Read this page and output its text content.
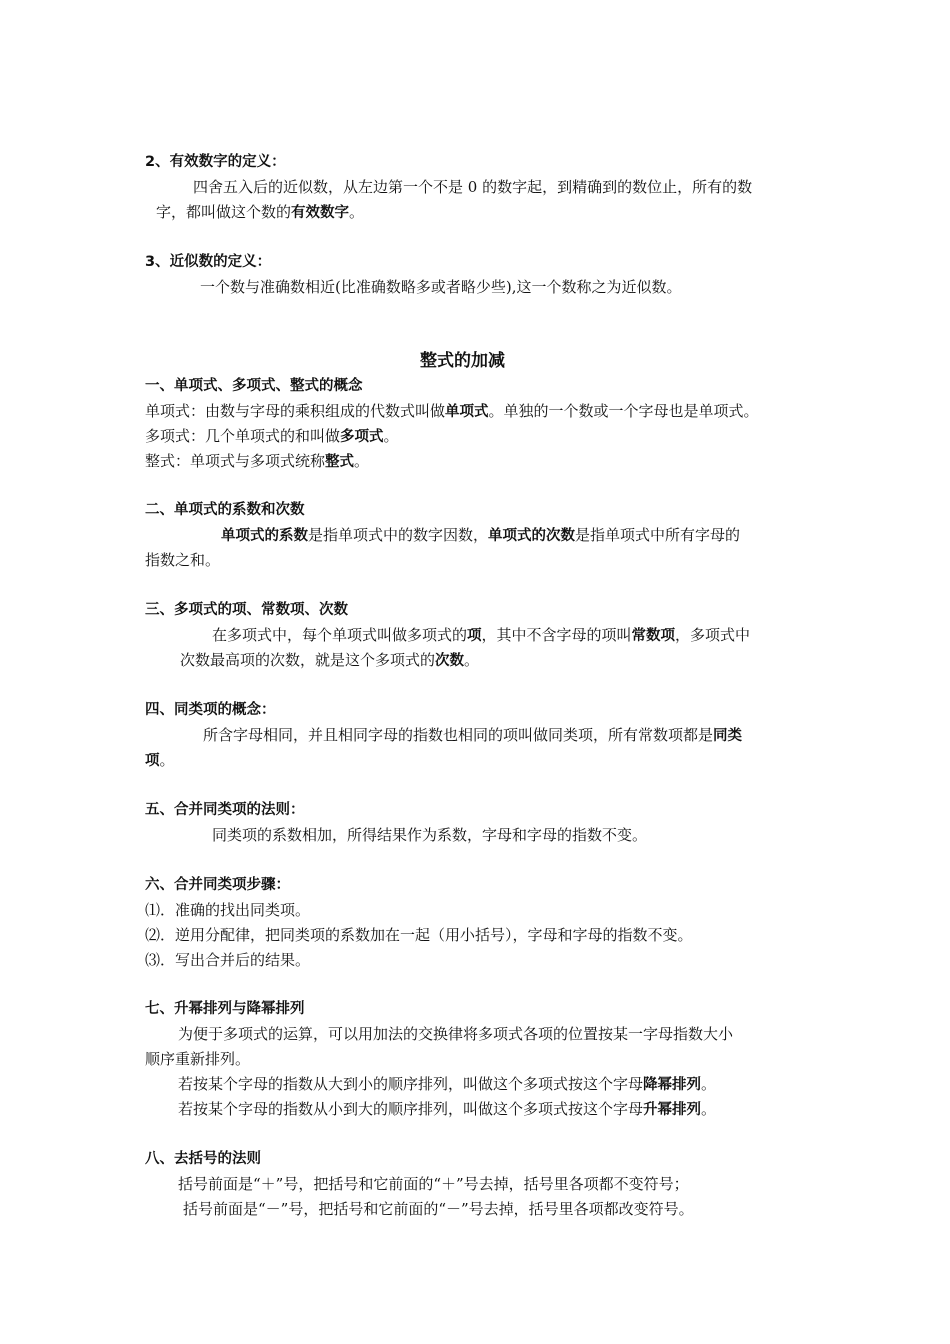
2、有效数字的定义：
四舍五入后的近似数，从左边第一个不是 0 的数字起，到精确到的数位止，所有的数
字，都叫做这个数的有效数字。
3、近似数的定义：
一个数与准确数相近(比准确数略多或者略少些),这一个数称之为近似数。
整式的加减
一、单项式、多项式、整式的概念
单项式：由数与字母的乘积组成的代数式叫做单项式。单独的一个数或一个字母也是单项式。
多项式：几个单项式的和叫做多项式。
整式：单项式与多项式统称整式。
二、单项式的系数和次数
单项式的系数是指单项式中的数字因数，单项式的次数是指单项式中所有字母的
指数之和。
三、多项式的项、常数项、次数
在多项式中，每个单项式叫做多项式的项，其中不含字母的项叫常数项，多项式中
次数最高项的次数，就是这个多项式的次数。
四、同类项的概念：
所含字母相同，并且相同字母的指数也相同的项叫做同类项，所有常数项都是同类
项。
五、合并同类项的法则：
同类项的系数相加，所得结果作为系数，字母和字母的指数不变。
六、合并同类项步骤：
⑴．准确的找出同类项。
⑵．逆用分配律，把同类项的系数加在一起（用小括号），字母和字母的指数不变。
⑶．写出合并后的结果。
七、升幂排列与降幂排列
为便于多项式的运算，可以用加法的交换律将多项式各项的位置按某一字母指数大小
顺序重新排列。
若按某个字母的指数从大到小的顺序排列，叫做这个多项式按这个字母降幂排列。
若按某个字母的指数从小到大的顺序排列，叫做这个多项式按这个字母升幂排列。
八、去括号的法则
括号前面是“＋”号，把括号和它前面的“＋”号去掉，括号里各项都不变符号；
括号前面是“－”号，把括号和它前面的“－”号去掉，括号里各项都改变符号。
